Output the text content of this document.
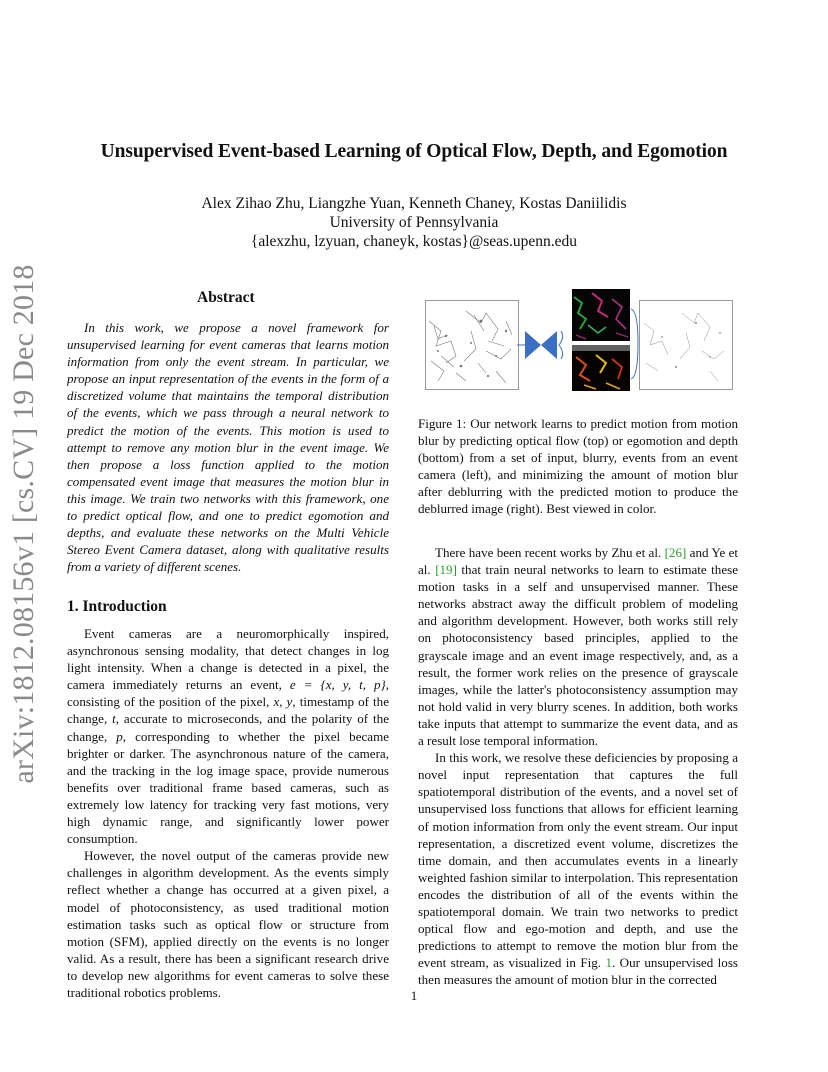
arXiv:1812.08156v1 [cs.CV] 19 Dec 2018
Unsupervised Event-based Learning of Optical Flow, Depth, and Egomotion
Alex Zihao Zhu, Liangzhe Yuan, Kenneth Chaney, Kostas Daniilidis
University of Pennsylvania
{alexzhu, lzyuan, chaneyk, kostas}@seas.upenn.edu
Abstract

In this work, we propose a novel framework for unsupervised learning for event cameras that learns motion information from only the event stream. In particular, we propose an input representation of the events in the form of a discretized volume that maintains the temporal distribution of the events, which we pass through a neural network to predict the motion of the events. This motion is used to attempt to remove any motion blur in the event image. We then propose a loss function applied to the motion compensated event image that measures the motion blur in this image. We train two networks with this framework, one to predict optical flow, and one to predict egomotion and depths, and evaluate these networks on the Multi Vehicle Stereo Event Camera dataset, along with qualitative results from a variety of different scenes.

1. Introduction

Event cameras are a neuromorphically inspired, asynchronous sensing modality, that detect changes in log light intensity. When a change is detected in a pixel, the camera immediately returns an event, e = {x, y, t, p}, consisting of the position of the pixel, x, y, timestamp of the change, t, accurate to microseconds, and the polarity of the change, p, corresponding to whether the pixel became brighter or darker. The asynchronous nature of the camera, and the tracking in the log image space, provide numerous benefits over traditional frame based cameras, such as extremely low latency for tracking very fast motions, very high dynamic range, and significantly lower power consumption.

However, the novel output of the cameras provide new challenges in algorithm development. As the events simply reflect whether a change has occurred at a given pixel, a model of photoconsistency, as used traditional motion estimation tasks such as optical flow or structure from motion (SFM), applied directly on the events is no longer valid. As a result, there has been a significant research drive to develop new algorithms for event cameras to solve these traditional robotics problems.

Figure 1: Our network learns to predict motion from motion blur by predicting optical flow (top) or egomotion and depth (bottom) from a set of input, blurry, events from an event camera (left), and minimizing the amount of motion blur after deblurring with the predicted motion to produce the deblurred image (right). Best viewed in color.

There have been recent works by Zhu et al. [26] and Ye et al. [19] that train neural networks to learn to estimate these motion tasks in a self and unsupervised manner. These networks abstract away the difficult problem of modeling and algorithm development. However, both works still rely on photoconsistency based principles, applied to the grayscale image and an event image respectively, and, as a result, the former work relies on the presence of grayscale images, while the latter's photoconsistency assumption may not hold valid in very blurry scenes. In addition, both works take inputs that attempt to summarize the event data, and as a result lose temporal information.

In this work, we resolve these deficiencies by proposing a novel input representation that captures the full spatiotemporal distribution of the events, and a novel set of unsupervised loss functions that allows for efficient learning of motion information from only the event stream. Our input representation, a discretized event volume, discretizes the time domain, and then accumulates events in a linearly weighted fashion similar to interpolation. This representation encodes the distribution of all of the events within the spatiotemporal domain. We train two networks to predict optical flow and ego-motion and depth, and use the predictions to attempt to remove the motion blur from the event stream, as visualized in Fig. 1. Our unsupervised loss then measures the amount of motion blur in the corrected

1
